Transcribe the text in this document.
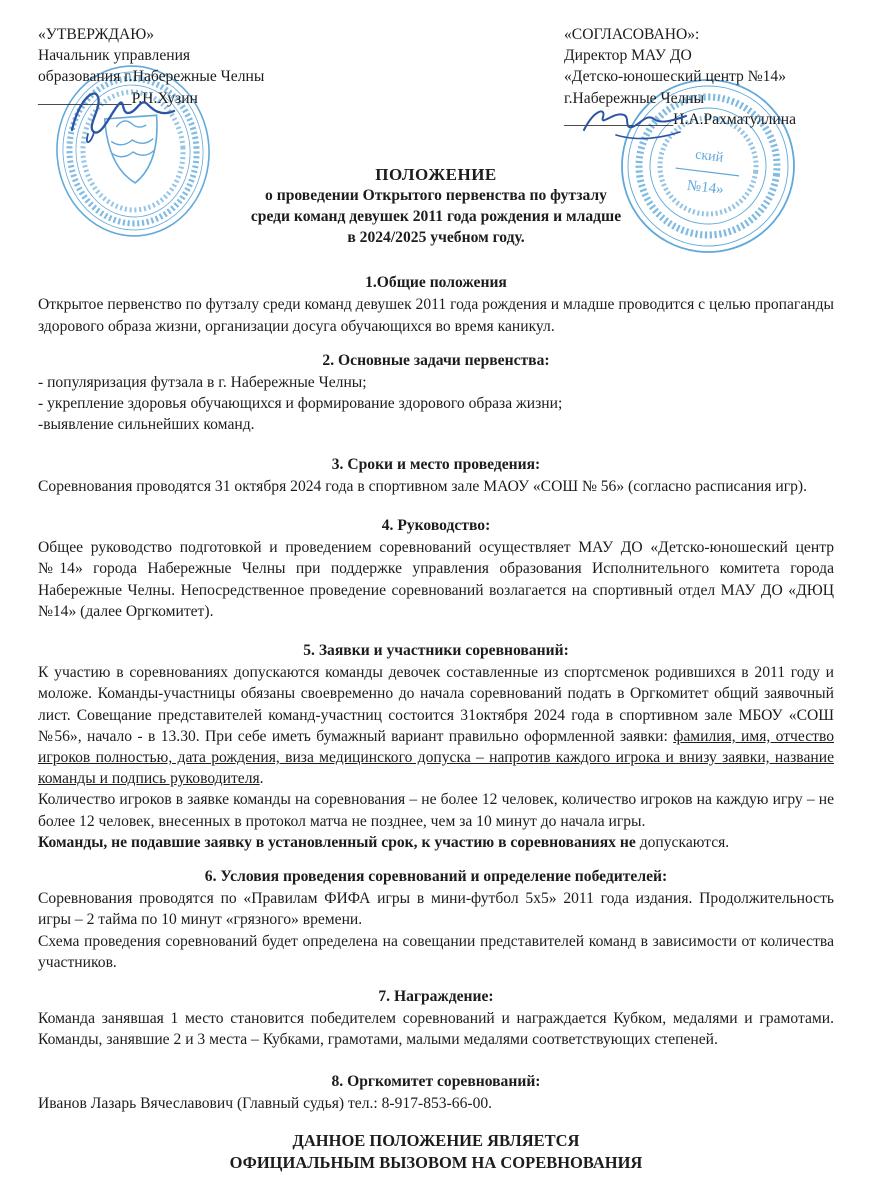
ский
№14»
«УТВЕРЖДАЮ»
Начальник управления
образования г.Набережные Челны
____________Р.Н.Хузин
«СОГЛАСОВАНО»:
Директор МАУ ДО
«Детско-юношеский центр №14»
г.Набережные Челны
______________Н.А.Рахматуллина
ПОЛОЖЕНИЕ
о проведении Открытого первенства по футзалу
среди команд девушек 2011 года рождения и младше
в 2024/2025 учебном году.
1.Общие положения
Открытое первенство по футзалу среди команд девушек 2011 года рождения и младше проводится с целью пропаганды здорового образа жизни, организации досуга обучающихся во время каникул.
2. Основные задачи первенства:
- популяризация футзала в г. Набережные Челны;
- укрепление здоровья обучающихся и формирование здорового образа жизни;
-выявление сильнейших команд.
3. Сроки и место проведения:
Соревнования проводятся 31 октября 2024 года в спортивном зале МАОУ «СОШ № 56» (согласно расписания игр).
4. Руководство:
Общее руководство подготовкой и проведением соревнований осуществляет МАУ ДО «Детско-юношеский центр №14» города Набережные Челны при поддержке управления образования Исполнительного комитета города Набережные Челны. Непосредственное проведение соревнований возлагается на спортивный отдел МАУ ДО «ДЮЦ №14» (далее Оргкомитет).
5. Заявки и участники соревнований:
К участию в соревнованиях допускаются команды девочек составленные из спортсменок родившихся в 2011 году и моложе. Команды-участницы обязаны своевременно до начала соревнований подать в Оргкомитет общий заявочный лист. Совещание представителей команд-участниц состоится 31октября 2024 года в спортивном зале МБОУ «СОШ №56», начало - в 13.30. При себе иметь бумажный вариант правильно оформленной заявки: фамилия, имя, отчество игроков полностью, дата рождения, виза медицинского допуска – напротив каждого игрока и внизу заявки, название команды и подпись руководителя.
Количество игроков в заявке команды на соревнования – не более 12 человек, количество игроков на каждую игру – не более 12 человек, внесенных в протокол матча не позднее, чем за 10 минут до начала игры.
Команды, не подавшие заявку в установленный срок, к участию в соревнованиях не допускаются.
6. Условия проведения соревнований и определение победителей:
Соревнования проводятся по «Правилам ФИФА игры в мини-футбол 5х5» 2011 года издания. Продолжительность игры – 2 тайма по 10 минут «грязного» времени.
Схема проведения соревнований будет определена на совещании представителей команд в зависимости от количества участников.
7. Награждение:
Команда занявшая 1 место становится победителем соревнований и награждается Кубком, медалями и грамотами. Команды, занявшие 2 и 3 места – Кубками, грамотами, малыми медалями соответствующих степеней.
8. Оргкомитет соревнований:
Иванов Лазарь Вячеславович (Главный судья) тел.: 8-917-853-66-00.
ДАННОЕ ПОЛОЖЕНИЕ ЯВЛЯЕТСЯ
ОФИЦИАЛЬНЫМ ВЫЗОВОМ НА СОРЕВНОВАНИЯ
